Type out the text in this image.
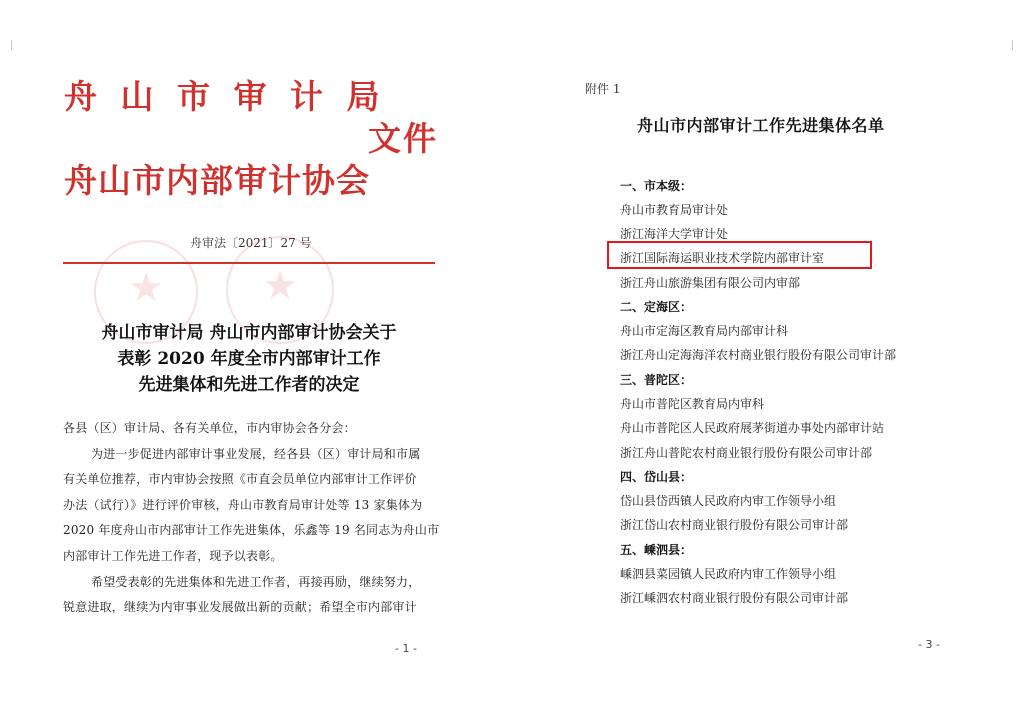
舟 山 市 审 计 局
文件
舟山市内部审计协会
舟审法〔2021〕27 号
★ ★
舟山市审计局 舟山市内部审计协会关于
表彰 2020 年度全市内部审计工作
先进集体和先进工作者的决定
各县（区）审计局、各有关单位，市内审协会各分会：
为进一步促进内部审计事业发展，经各县（区）审计局和市属
有关单位推荐，市内审协会按照《市直会员单位内部审计工作评价
办法（试行）》进行评价审核，舟山市教育局审计处等 13 家集体为
2020 年度舟山市内部审计工作先进集体，乐鑫等 19 名同志为舟山市
内部审计工作先进工作者，现予以表彰。
希望受表彰的先进集体和先进工作者，再接再励，继续努力，
锐意进取，继续为内审事业发展做出新的贡献；希望全市内部审计
- 1 -
附件 1
舟山市内部审计工作先进集体名单
一、市本级：
舟山市教育局审计处
浙江海洋大学审计处
浙江国际海运职业技术学院内部审计室
浙江舟山旅游集团有限公司内审部
二、定海区：
舟山市定海区教育局内部审计科
浙江舟山定海海洋农村商业银行股份有限公司审计部
三、普陀区：
舟山市普陀区教育局内审科
舟山市普陀区人民政府展茅街道办事处内部审计站
浙江舟山普陀农村商业银行股份有限公司审计部
四、岱山县：
岱山县岱西镇人民政府内审工作领导小组
浙江岱山农村商业银行股份有限公司审计部
五、嵊泗县：
嵊泗县菜园镇人民政府内审工作领导小组
浙江嵊泗农村商业银行股份有限公司审计部
- 3 -
